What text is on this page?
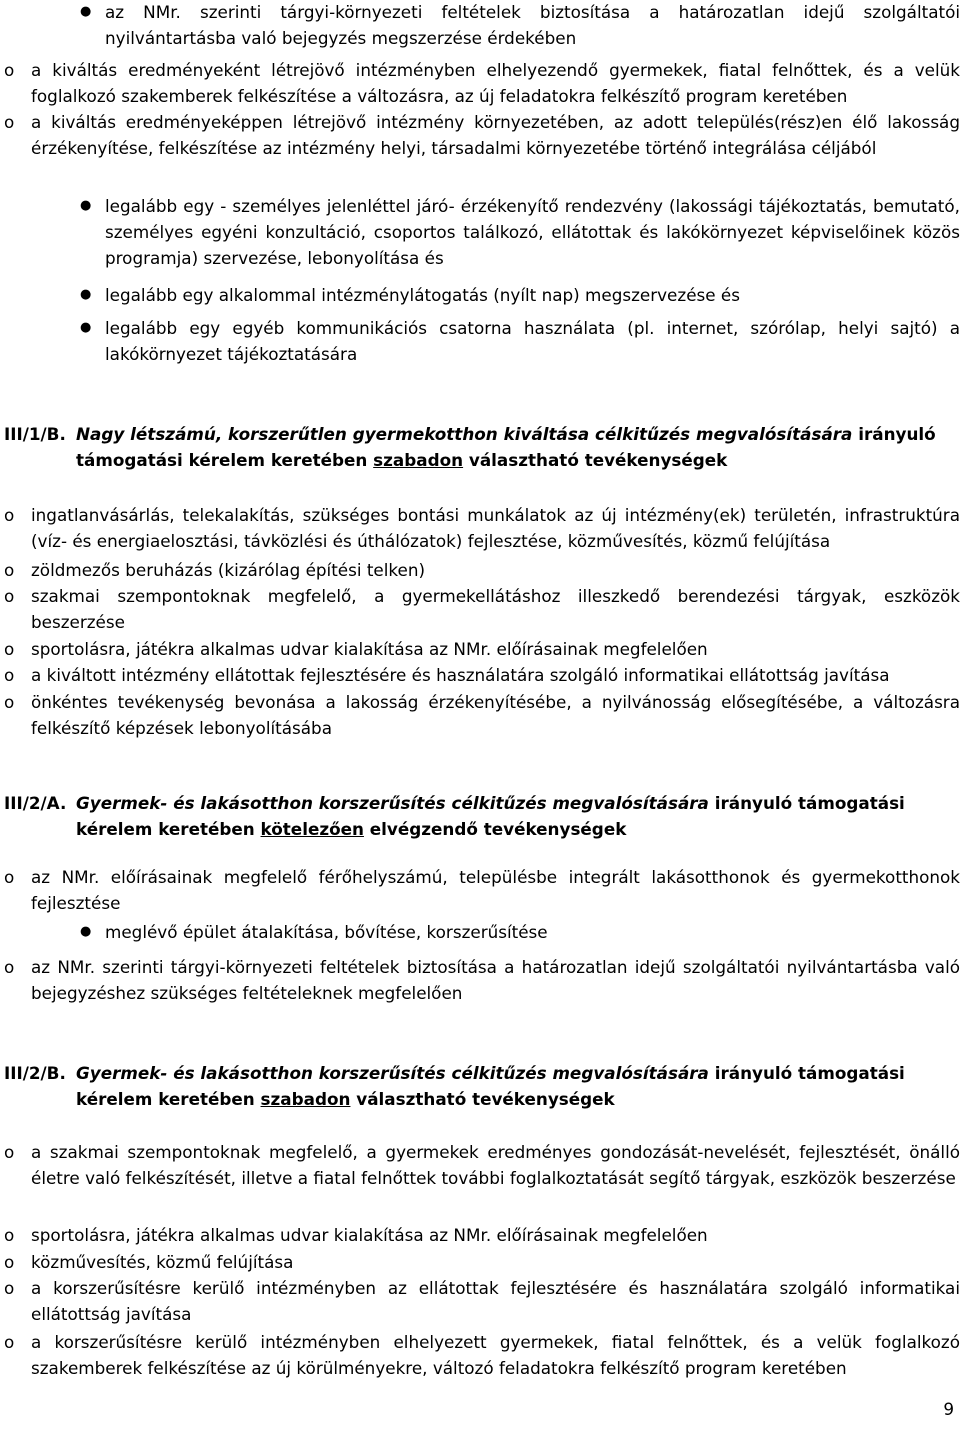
● az NMr. szerinti tárgyi-környezeti feltételek biztosítása a határozatlan idejű szolgáltatói nyilvántartásba való bejegyzés megszerzése érdekében
o a kiváltás eredményeként létrejövő intézményben elhelyezendő gyermekek, fiatal felnőttek, és a velük foglalkozó szakemberek felkészítése a változásra, az új feladatokra felkészítő program keretében
o a kiváltás eredményeképpen létrejövő intézmény környezetében, az adott település(rész)en élő lakosság érzékenyítése, felkészítése az intézmény helyi, társadalmi környezetébe történő integrálása céljából
● legalább egy - személyes jelenléttel járó- érzékenyítő rendezvény (lakossági tájékoztatás, bemutató, személyes egyéni konzultáció, csoportos találkozó, ellátottak és lakókörnyezet képviselőinek közös programja) szervezése, lebonyolítása és
● legalább egy alkalommal intézménylátogatás (nyílt nap) megszervezése és
● legalább egy egyéb kommunikációs csatorna használata (pl. internet, szórólap, helyi sajtó) a lakókörnyezet tájékoztatására
III/1/B. Nagy létszámú, korszerűtlen gyermekotthon kiváltása célkitűzés megvalósítására irányuló támogatási kérelem keretében szabadon választható tevékenységek
o ingatlanvásárlás, telekalakítás, szükséges bontási munkálatok az új intézmény(ek) területén, infrastruktúra (víz- és energiaelosztási, távközlési és úthálózatok) fejlesztése, közművesítés, közmű felújítása
o zöldmezős beruházás (kizárólag építési telken)
o szakmai szempontoknak megfelelő, a gyermekellátáshoz illeszkedő berendezési tárgyak, eszközök beszerzése
o sportolásra, játékra alkalmas udvar kialakítása az NMr. előírásainak megfelelően
o a kiváltott intézmény ellátottak fejlesztésére és használatára szolgáló informatikai ellátottság javítása
o önkéntes tevékenység bevonása a lakosság érzékenyítésébe, a nyilvánosság elősegítésébe, a változásra felkészítő képzések lebonyolításába
III/2/A. Gyermek- és lakásotthon korszerűsítés célkitűzés megvalósítására irányuló támogatási kérelem keretében kötelezően elvégzendő tevékenységek
o az NMr. előírásainak megfelelő férőhelyszámú, településbe integrált lakásotthonok és gyermekotthonok fejlesztése
● meglévő épület átalakítása, bővítése, korszerűsítése
o az NMr. szerinti tárgyi-környezeti feltételek biztosítása a határozatlan idejű szolgáltatói nyilvántartásba való bejegyzéshez szükséges feltételeknek megfelelően
III/2/B. Gyermek- és lakásotthon korszerűsítés célkitűzés megvalósítására irányuló támogatási kérelem keretében szabadon választható tevékenységek
o a szakmai szempontoknak megfelelő, a gyermekek eredményes gondozását-nevelését, fejlesztését, önálló életre való felkészítését, illetve a fiatal felnőttek további foglalkoztatását segítő tárgyak, eszközök beszerzése
o sportolásra, játékra alkalmas udvar kialakítása az NMr. előírásainak megfelelően
o közművesítés, közmű felújítása
o a korszerűsítésre kerülő intézményben az ellátottak fejlesztésére és használatára szolgáló informatikai ellátottság javítása
o a korszerűsítésre kerülő intézményben elhelyezett gyermekek, fiatal felnőttek, és a velük foglalkozó szakemberek felkészítése az új körülményekre, változó feladatokra felkészítő program keretében
9
